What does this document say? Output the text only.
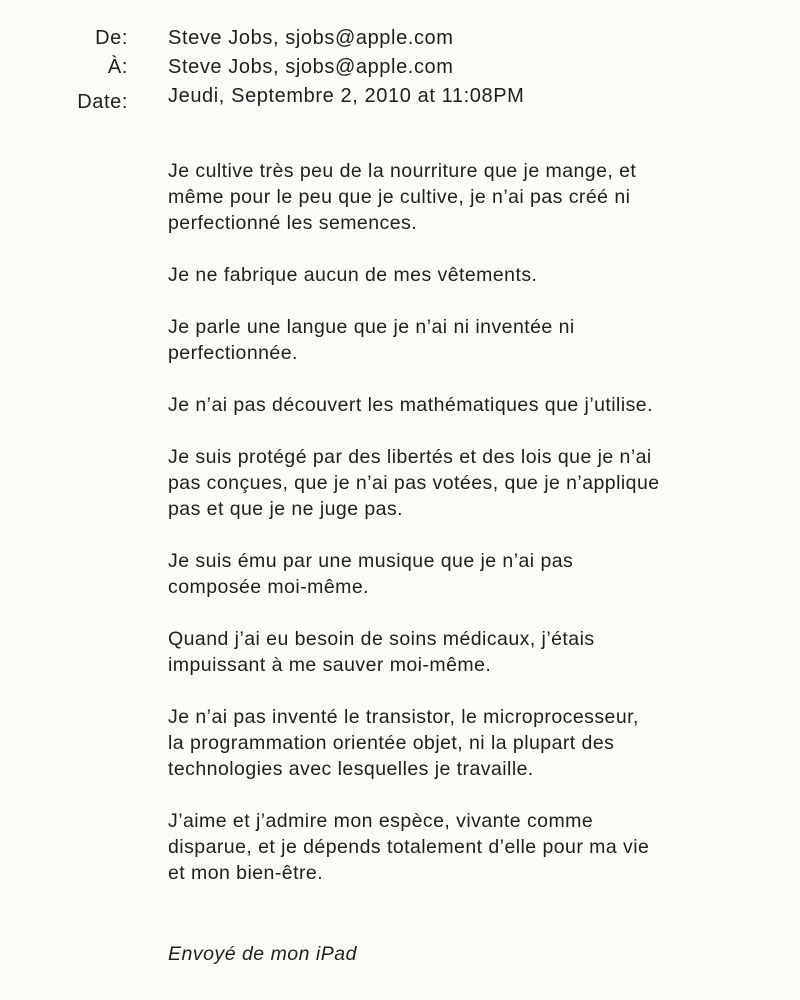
De: Steve Jobs, sjobs@apple.com
À: Steve Jobs, sjobs@apple.com
Date: Jeudi, Septembre 2, 2010 at 11:08PM

Je cultive très peu de la nourriture que je mange, et
même pour le peu que je cultive, je n’ai pas créé ni
perfectionné les semences.

Je ne fabrique aucun de mes vêtements.

Je parle une langue que je n’ai ni inventée ni
perfectionnée.

Je n’ai pas découvert les mathématiques que j’utilise.

Je suis protégé par des libertés et des lois que je n’ai
pas conçues, que je n’ai pas votées, que je n’applique
pas et que je ne juge pas.

Je suis ému par une musique que je n’ai pas
composée moi-même.

Quand j’ai eu besoin de soins médicaux, j’étais
impuissant à me sauver moi-même.

Je n’ai pas inventé le transistor, le microprocesseur,
la programmation orientée objet, ni la plupart des
technologies avec lesquelles je travaille.

J’aime et j’admire mon espèce, vivante comme
disparue, et je dépends totalement d’elle pour ma vie
et mon bien-être.

Envoyé de mon iPad
